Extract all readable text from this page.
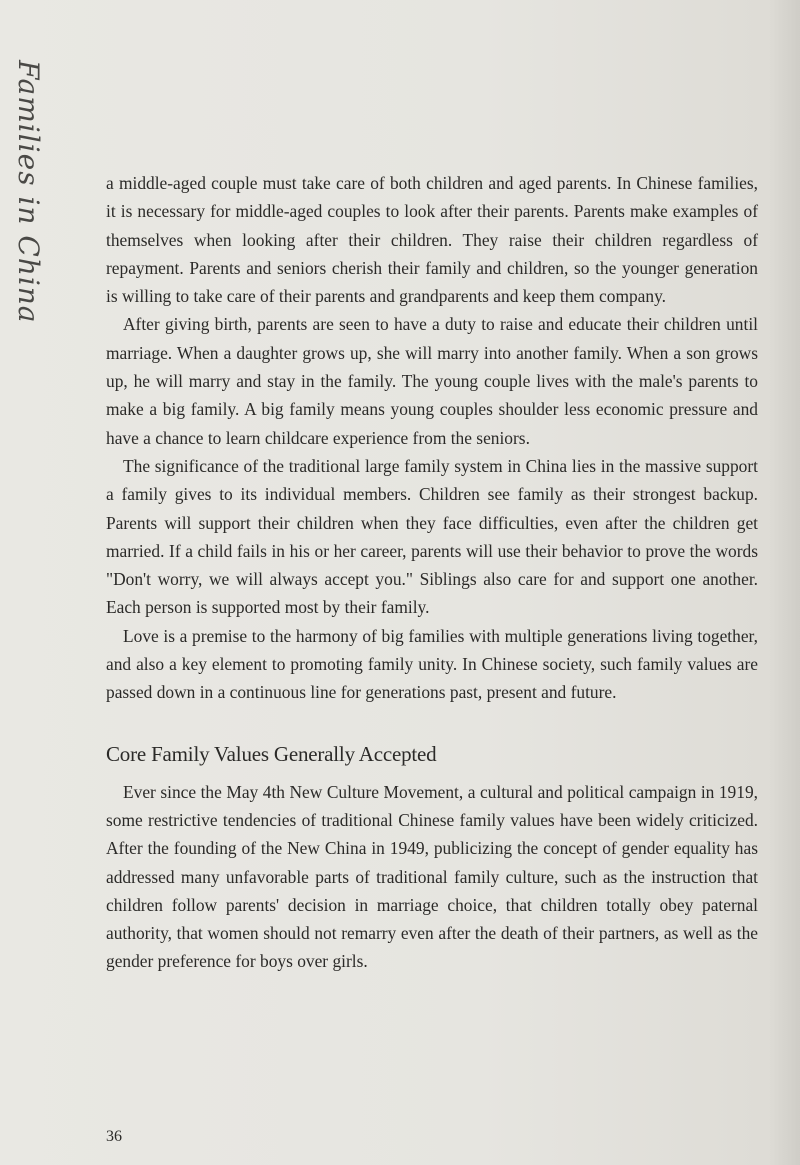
Families in China	a middle-aged couple must take care of both children and aged parents. In Chinese families, it is necessary for middle-aged couples to look after their parents. Parents make examples of themselves when looking after their children. They raise their children regardless of repayment. Parents and seniors cherish their family and children, so the younger generation is willing to take care of their parents and grandparents and keep them company.

After giving birth, parents are seen to have a duty to raise and educate their children until marriage. When a daughter grows up, she will marry into another family. When a son grows up, he will marry and stay in the family. The young couple lives with the male's parents to make a big family. A big family means young couples shoulder less economic pressure and have a chance to learn childcare experience from the seniors.

The significance of the traditional large family system in China lies in the massive support a family gives to its individual members. Children see family as their strongest backup. Parents will support their children when they face difficulties, even after the children get married. If a child fails in his or her career, parents will use their behavior to prove the words "Don't worry, we will always accept you." Siblings also care for and support one another. Each person is supported most by their family.

Love is a premise to the harmony of big families with multiple generations living together, and also a key element to promoting family unity. In Chinese society, such family values are passed down in a continuous line for generations past, present and future.

Core Family Values Generally Accepted

Ever since the May 4th New Culture Movement, a cultural and political campaign in 1919, some restrictive tendencies of traditional Chinese family values have been widely criticized. After the founding of the New China in 1949, publicizing the concept of gender equality has addressed many unfavorable parts of traditional family culture, such as the instruction that children follow parents' decision in marriage choice, that children totally obey paternal authority, that women should not remarry even after the death of their partners, as well as the gender preference for boys over girls.

36
